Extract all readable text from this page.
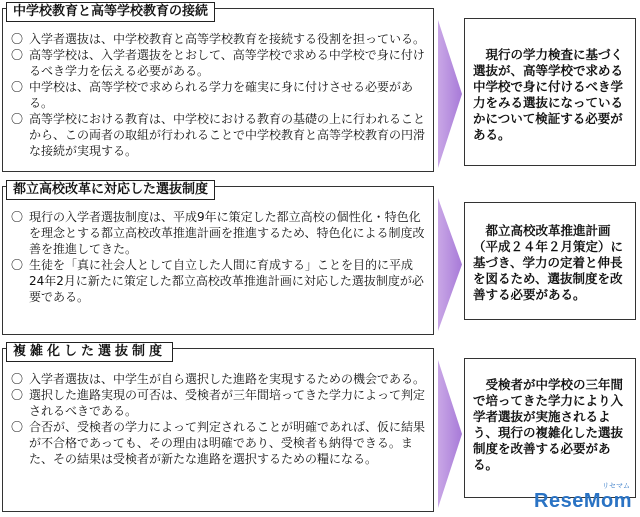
〇 入学者選抜は、中学校教育と高等学校教育を接続する役割を担っている。
〇 高等学校は、入学者選抜をとおして、高等学校で求める中学校で身に付けるべき学力を伝える必要がある。
〇 中学校は、高等学校で求められる学力を確実に身に付けさせる必要がある。
〇 高等学校における教育は、中学校における教育の基礎の上に行われることから、この両者の取組が行われることで中学校教育と高等学校教育の円滑な接続が実現する。
中学校教育と高等学校教育の接続
現行の学力検査に基づく選抜が、高等学校で求める中学校で身に付けるべき学力をみる選抜になっているかについて検証する必要がある。
〇 現行の入学者選抜制度は、平成9年に策定した都立高校の個性化・特色化を理念とする都立高校改革推進計画を推進するため、特色化による制度改善を推進してきた。
〇 生徒を「真に社会人として自立した人間に育成する」ことを目的に平成24年2月に新たに策定した都立高校改革推進計画に対応した選抜制度が必要である。
都立高校改革に対応した選抜制度
都立高校改革推進計画（平成２４年２月策定）に基づき、学力の定着と伸長を図るため、選抜制度を改善する必要がある。
〇 入学者選抜は、中学生が自ら選択した進路を実現するための機会である。
〇 選択した進路実現の可否は、受検者が三年間培ってきた学力によって判定されるべきである。
〇 合否が、受検者の学力によって判定されることが明確であれば、仮に結果が不合格であっても、その理由は明確であり、受検者も納得できる。また、その結果は受検者が新たな進路を選択するための糧になる。
複雑化した選抜制度
受検者が中学校の三年間で培ってきた学力により入学者選抜が実施されるよう、現行の複雑化した選抜制度を改善する必要がある。
リセマム
ReseMom
